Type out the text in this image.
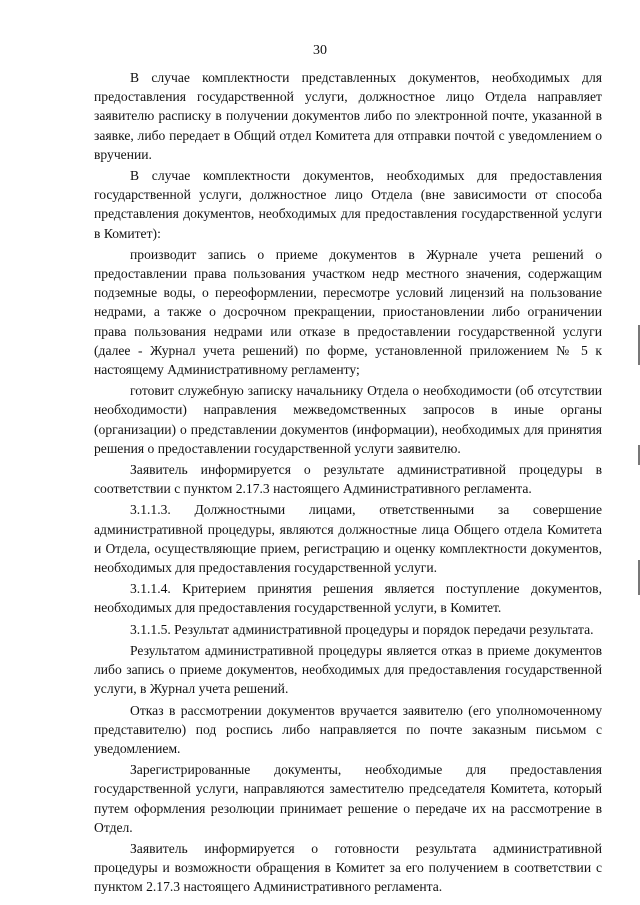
30

В случае комплектности представленных документов, необходимых для предоставления государственной услуги, должностное лицо Отдела направляет заявителю расписку в получении документов либо по электронной почте, указанной в заявке, либо передает в Общий отдел Комитета для отправки почтой с уведомлением о вручении.

В случае комплектности документов, необходимых для предоставления государственной услуги, должностное лицо Отдела (вне зависимости от способа представления документов, необходимых для предоставления государственной услуги в Комитет):

производит запись о приеме документов в Журнале учета решений о предоставлении права пользования участком недр местного значения, содержащим подземные воды, о переоформлении, пересмотре условий лицензий на пользование недрами, а также о досрочном прекращении, приостановлении либо ограничении права пользования недрами или отказе в предоставлении государственной услуги (далее - Журнал учета решений) по форме, установленной приложением № 5 к настоящему Административному регламенту;

готовит служебную записку начальнику Отдела о необходимости (об отсутствии необходимости) направления межведомственных запросов в иные органы (организации) о представлении документов (информации), необходимых для принятия решения о предоставлении государственной услуги заявителю.

Заявитель информируется о результате административной процедуры в соответствии с пунктом 2.17.3 настоящего Административного регламента.

3.1.1.3. Должностными лицами, ответственными за совершение административной процедуры, являются должностные лица Общего отдела Комитета и Отдела, осуществляющие прием, регистрацию и оценку комплектности документов, необходимых для предоставления государственной услуги.

3.1.1.4. Критерием принятия решения является поступление документов, необходимых для предоставления государственной услуги, в Комитет.

3.1.1.5. Результат административной процедуры и порядок передачи результата.

Результатом административной процедуры является отказ в приеме документов либо запись о приеме документов, необходимых для предоставления государственной услуги, в Журнал учета решений.

Отказ в рассмотрении документов вручается заявителю (его уполномоченному представителю) под роспись либо направляется по почте заказным письмом с уведомлением.

Зарегистрированные документы, необходимые для предоставления государственной услуги, направляются заместителю председателя Комитета, который путем оформления резолюции принимает решение о передаче их на рассмотрение в Отдел.

Заявитель информируется о готовности результата административной процедуры и возможности обращения в Комитет за его получением в соответствии с пунктом 2.17.3 настоящего Административного регламента.
